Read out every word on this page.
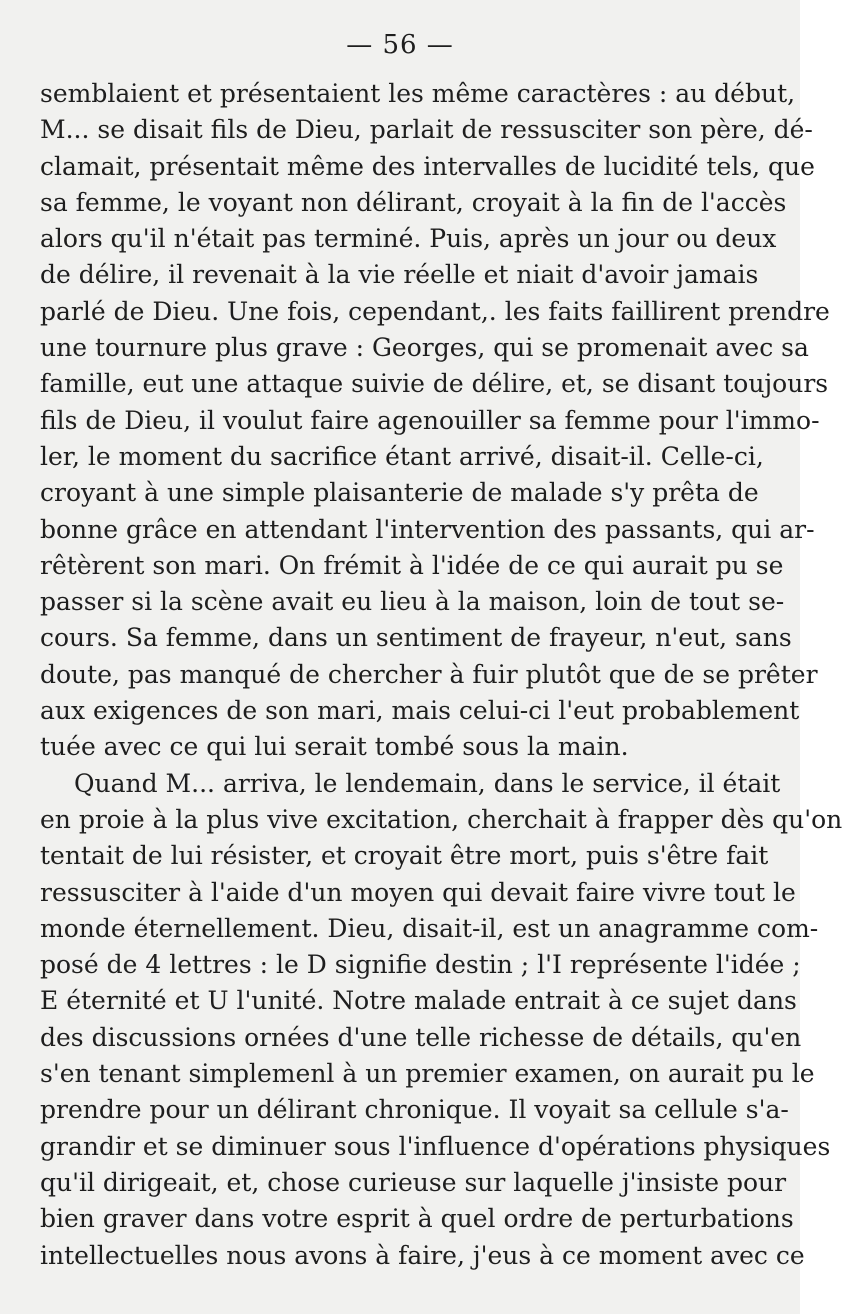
— 56 —
semblaient et présentaient les même caractères : au début,
M... se disait fils de Dieu, parlait de ressusciter son père, dé-
clamait, présentait même des intervalles de lucidité tels, que
sa femme, le voyant non délirant, croyait à la fin de l'accès
alors qu'il n'était pas terminé. Puis, après un jour ou deux
de délire, il revenait à la vie réelle et niait d'avoir jamais
parlé de Dieu. Une fois, cependant,. les faits faillirent prendre
une tournure plus grave : Georges, qui se promenait avec sa
famille, eut une attaque suivie de délire, et, se disant toujours
fils de Dieu, il voulut faire agenouiller sa femme pour l'immo-
ler, le moment du sacrifice étant arrivé, disait-il. Celle-ci,
croyant à une simple plaisanterie de malade s'y prêta de
bonne grâce en attendant l'intervention des passants, qui ar-
rêtèrent son mari. On frémit à l'idée de ce qui aurait pu se
passer si la scène avait eu lieu à la maison, loin de tout se-
cours. Sa femme, dans un sentiment de frayeur, n'eut, sans
doute, pas manqué de chercher à fuir plutôt que de se prêter
aux exigences de son mari, mais celui-ci l'eut probablement
tuée avec ce qui lui serait tombé sous la main.
Quand M... arriva, le lendemain, dans le service, il était
en proie à la plus vive excitation, cherchait à frapper dès qu'on
tentait de lui résister, et croyait être mort, puis s'être fait
ressusciter à l'aide d'un moyen qui devait faire vivre tout le
monde éternellement. Dieu, disait-il, est un anagramme com-
posé de 4 lettres : le D signifie destin ; l'I représente l'idée ;
E éternité et U l'unité. Notre malade entrait à ce sujet dans
des discussions ornées d'une telle richesse de détails, qu'en
s'en tenant simplemenl à un premier examen, on aurait pu le
prendre pour un délirant chronique. Il voyait sa cellule s'a-
grandir et se diminuer sous l'influence d'opérations physiques
qu'il dirigeait, et, chose curieuse sur laquelle j'insiste pour
bien graver dans votre esprit à quel ordre de perturbations
intellectuelles nous avons à faire, j'eus à ce moment avec ce
